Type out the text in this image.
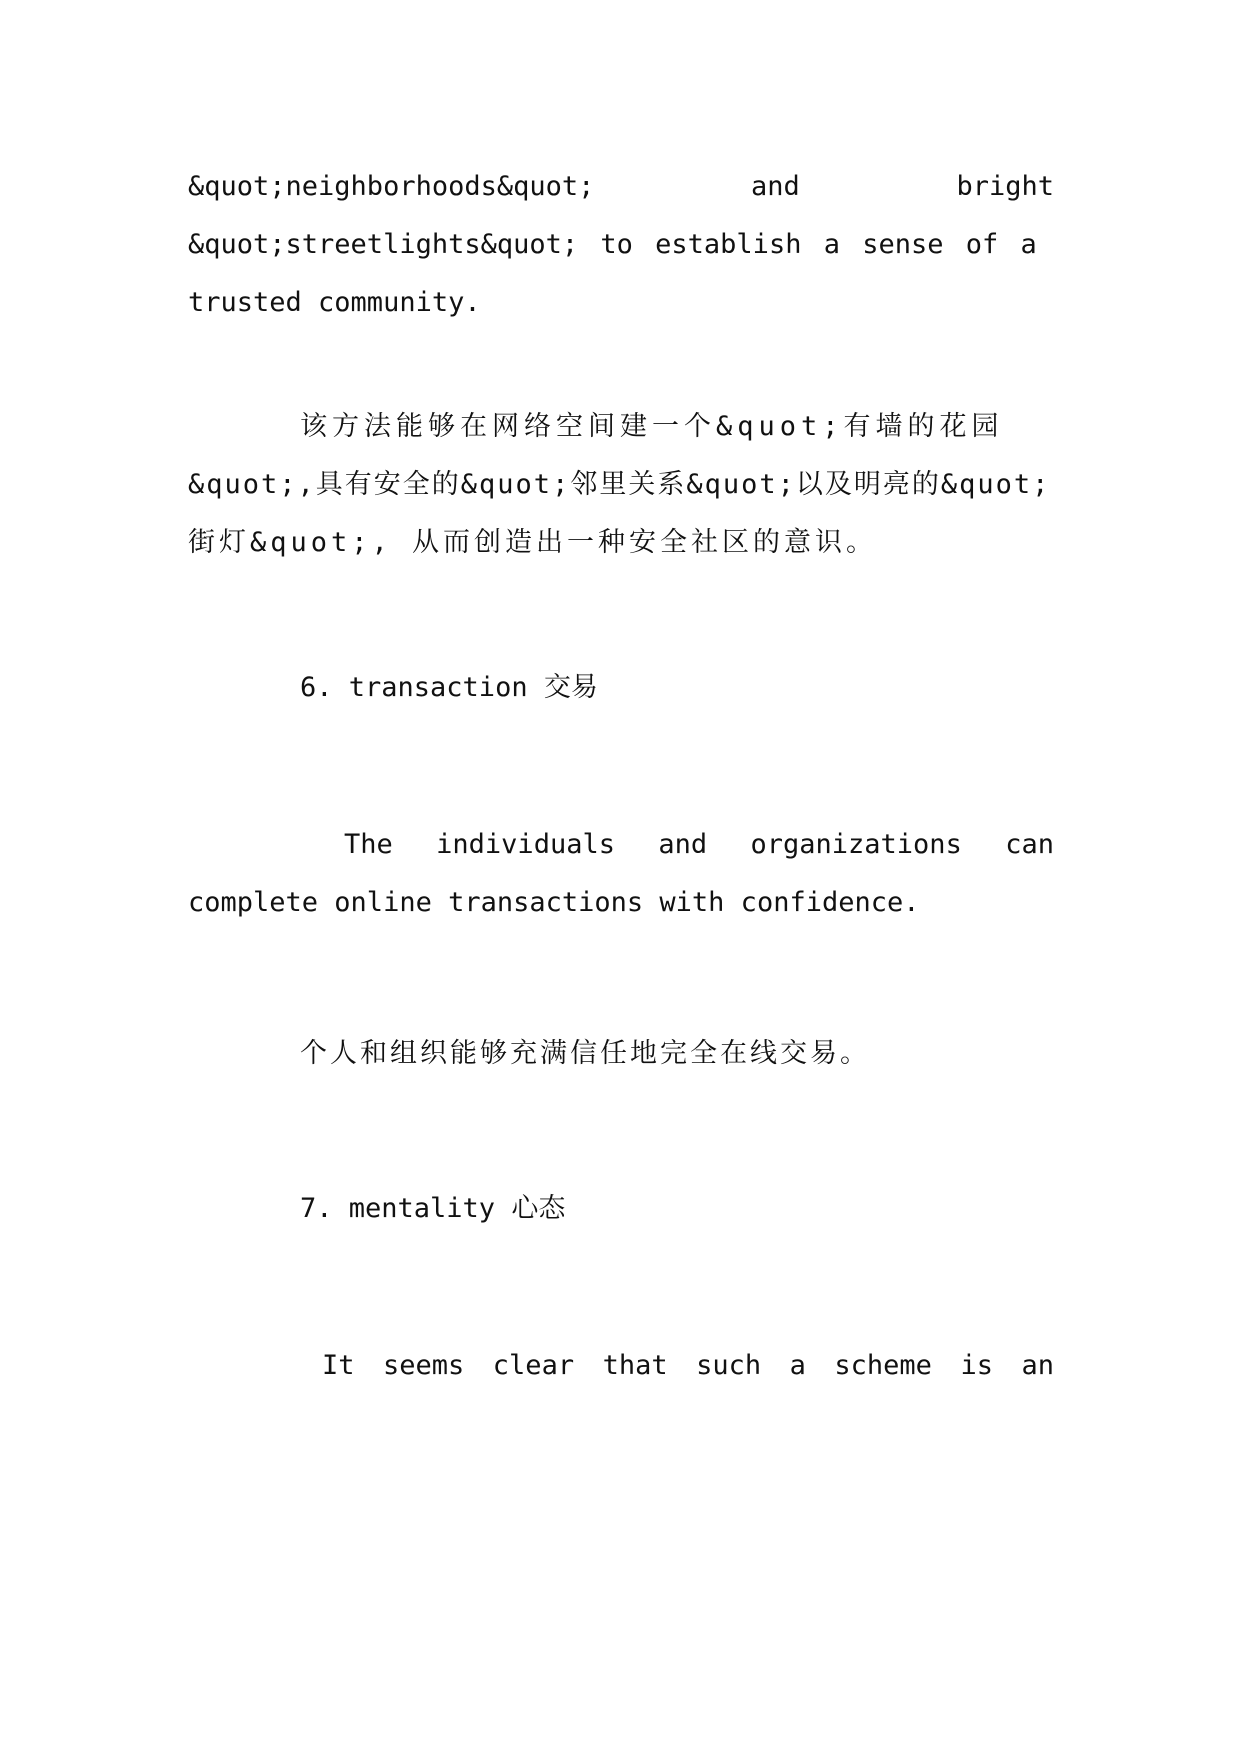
&quot;neighborhoods&quot;	and	bright
&quot;streetlights&quot; to establish a sense of a
trusted community.
该方法能够在网络空间建一个&quot;有墙的花园
&quot;,具有安全的&quot;邻里关系&quot;以及明亮的&quot;
街灯&quot;, 从而创造出一种安全社区的意识。
6. transaction 交易
The individuals and organizations can
complete online transactions with confidence.
个人和组织能够充满信任地完全在线交易。
7. mentality 心态
It seems clear that such a scheme is an
